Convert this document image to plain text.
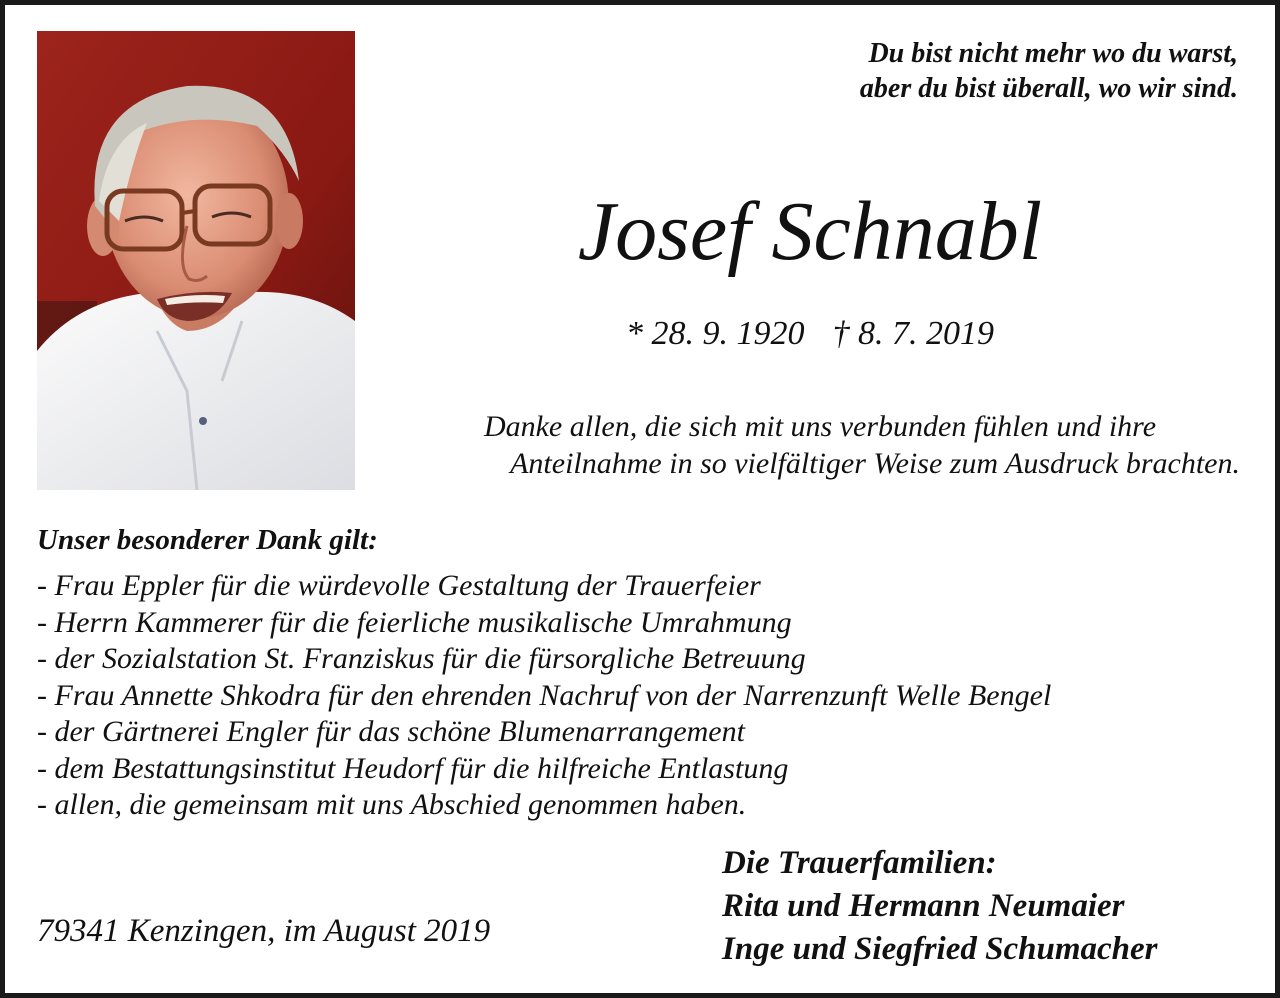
Du bist nicht mehr wo du warst,
aber du bist überall, wo wir sind.
Josef Schnabl
* 28. 9. 1920 † 8. 7. 2019
Danke allen, die sich mit uns verbunden fühlen und ihre
Anteilnahme in so vielfältiger Weise zum Ausdruck brachten.
Unser besonderer Dank gilt:
- Frau Eppler für die würdevolle Gestaltung der Trauerfeier
- Herrn Kammerer für die feierliche musikalische Umrahmung
- der Sozialstation St. Franziskus für die fürsorgliche Betreuung
- Frau Annette Shkodra für den ehrenden Nachruf von der Narrenzunft Welle Bengel
- der Gärtnerei Engler für das schöne Blumenarrangement
- dem Bestattungsinstitut Heudorf für die hilfreiche Entlastung
- allen, die gemeinsam mit uns Abschied genommen haben.
Die Trauerfamilien:
Rita und Hermann Neumaier
Inge und Siegfried Schumacher
79341 Kenzingen, im August 2019
